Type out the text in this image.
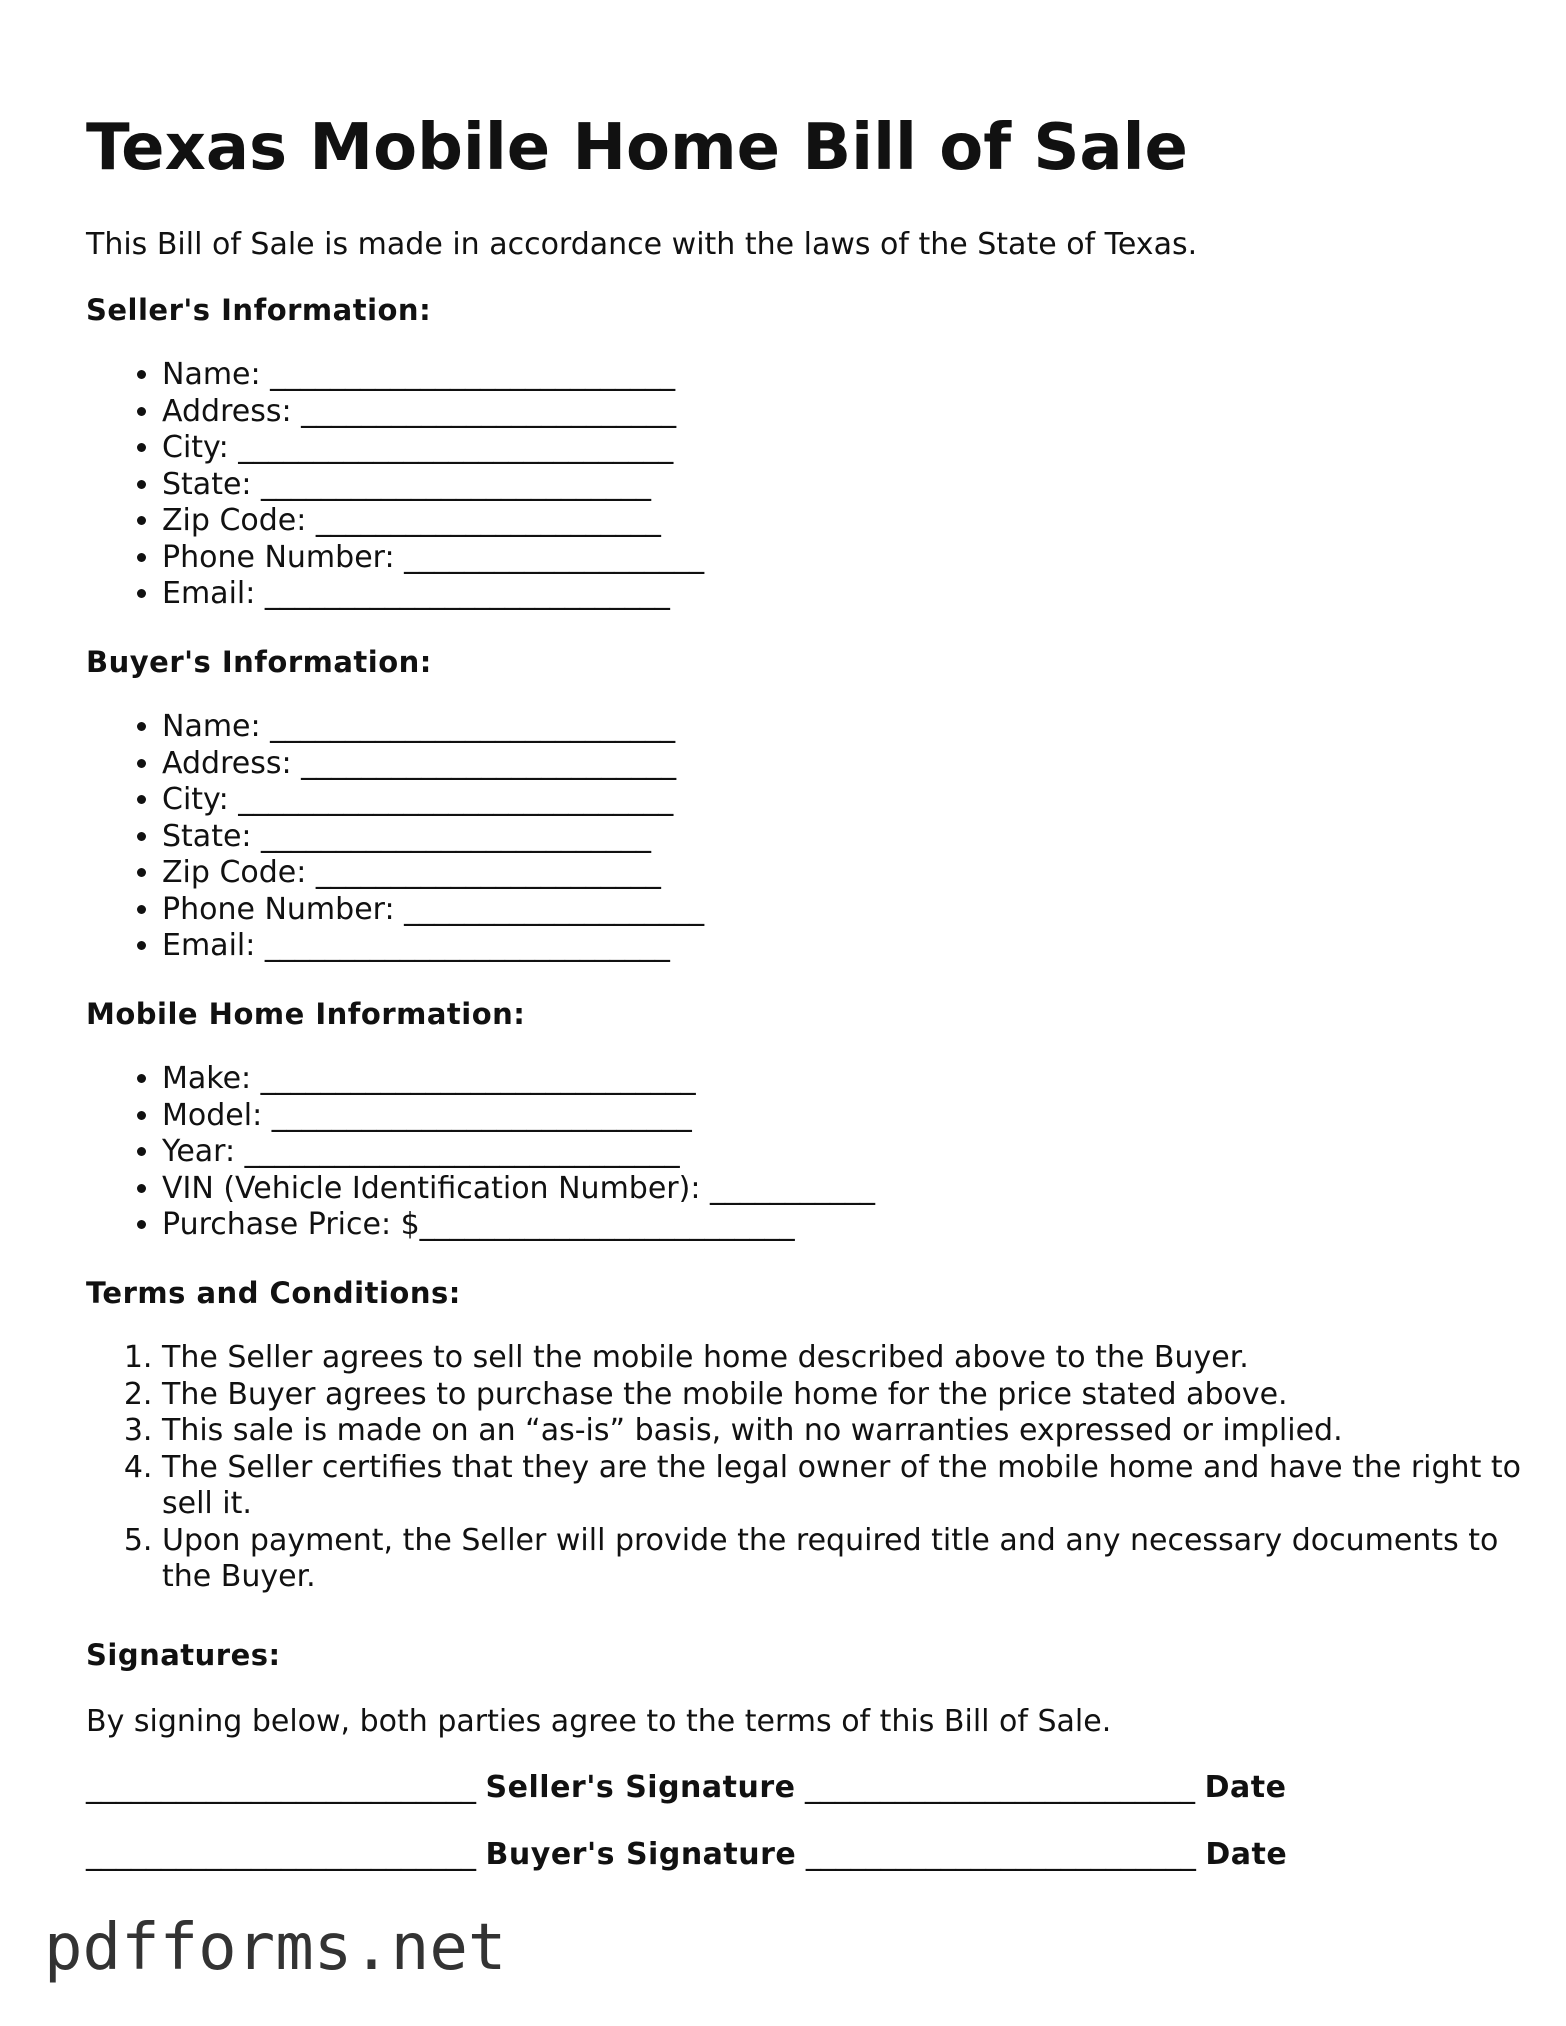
Texas Mobile Home Bill of Sale

This Bill of Sale is made in accordance with the laws of the State of Texas.

Seller's Information:

• Name: ___________________________
• Address: _________________________
• City: _____________________________
• State: __________________________
• Zip Code: _______________________
• Phone Number: ____________________
• Email: ___________________________

Buyer's Information:

• Name: ___________________________
• Address: _________________________
• City: _____________________________
• State: __________________________
• Zip Code: _______________________
• Phone Number: ____________________
• Email: ___________________________

Mobile Home Information:

• Make: _____________________________
• Model: ____________________________
• Year: _____________________________
• VIN (Vehicle Identification Number): ___________
• Purchase Price: $_________________________

Terms and Conditions:

1. The Seller agrees to sell the mobile home described above to the Buyer.
2. The Buyer agrees to purchase the mobile home for the price stated above.
3. This sale is made on an “as-is” basis, with no warranties expressed or implied.
4. The Seller certifies that they are the legal owner of the mobile home and have the right to sell it.
5. Upon payment, the Seller will provide the required title and any necessary documents to the Buyer.

Signatures:

By signing below, both parties agree to the terms of this Bill of Sale.

__________________________ Seller's Signature __________________________ Date

__________________________ Buyer's Signature __________________________ Date

pdfforms.net
